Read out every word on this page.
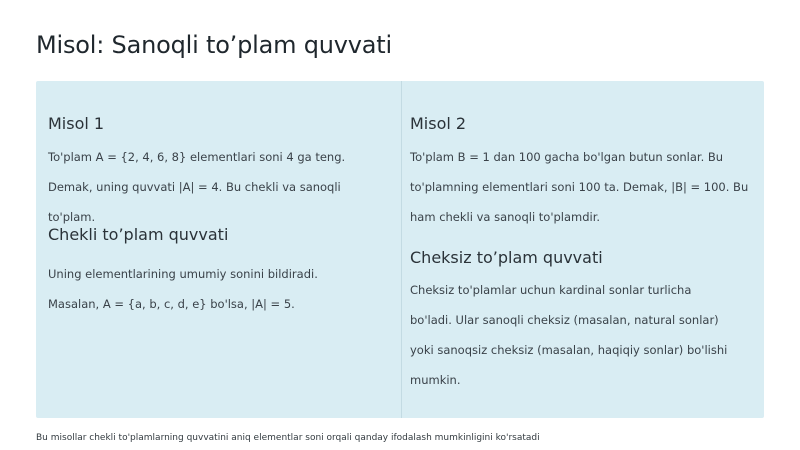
Misol: Sanoqli to’plam quvvati
Misol 1

To'plam A = {2, 4, 6, 8} elementlari soni 4 ga teng. Demak, uning quvvati |A| = 4. Bu chekli va sanoqli to'plam.

Chekli to’plam quvvati

Uning elementlarining umumiy sonini bildiradi. Masalan, A = {a, b, c, d, e} bo'lsa, |A| = 5.

Misol 2

To'plam B = 1 dan 100 gacha bo'lgan butun sonlar. Bu to'plamning elementlari soni 100 ta. Demak, |B| = 100. Bu ham chekli va sanoqli to'plamdir.

Cheksiz to’plam quvvati

Cheksiz to'plamlar uchun kardinal sonlar turlicha bo'ladi. Ular sanoqli cheksiz (masalan, natural sonlar) yoki sanoqsiz cheksiz (masalan, haqiqiy sonlar) bo'lishi mumkin.

Bu misollar chekli to'plamlarning quvvatini aniq elementlar soni orqali qanday ifodalash mumkinligini ko'rsatadi
